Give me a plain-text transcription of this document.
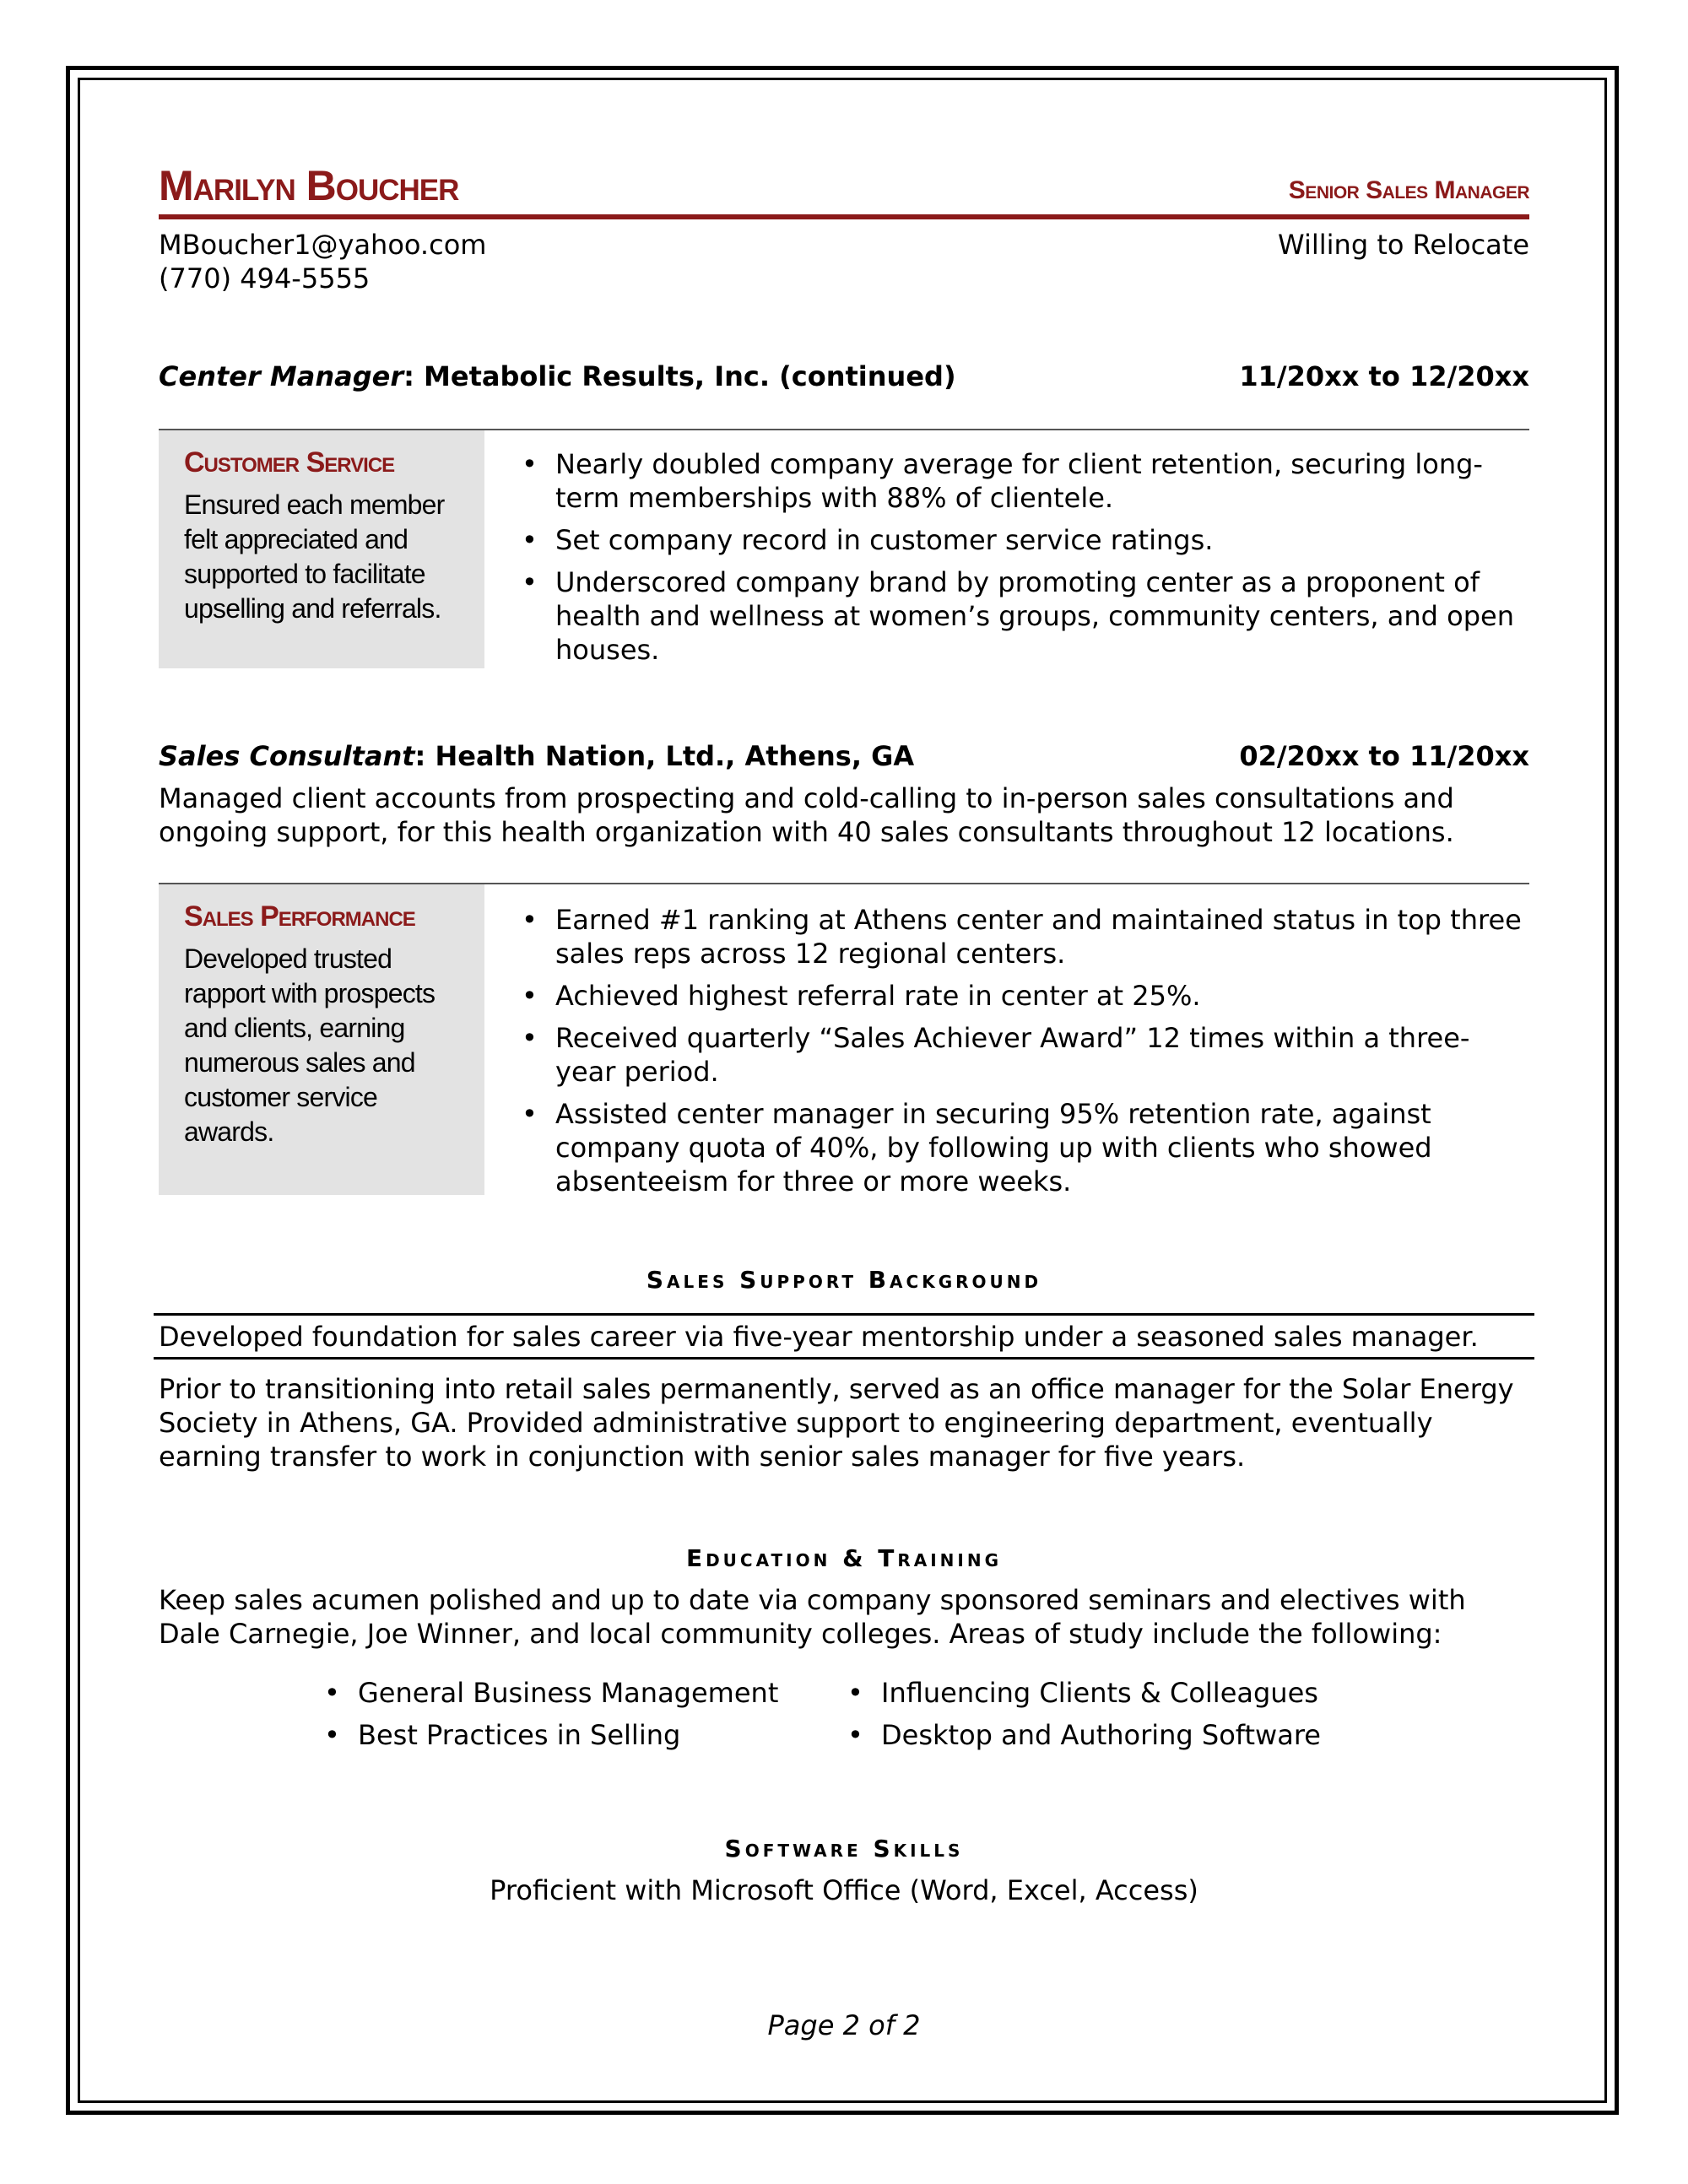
Marilyn Boucher	Senior Sales Manager
MBoucher1@yahoo.com
(770) 494-5555
Willing to Relocate
Center Manager: Metabolic Results, Inc. (continued)	11/20xx to 12/20xx
Customer Service
Ensured each member felt appreciated and supported to facilitate upselling and referrals.
• Nearly doubled company average for client retention, securing long-term memberships with 88% of clientele.
• Set company record in customer service ratings.
• Underscored company brand by promoting center as a proponent of health and wellness at women’s groups, community centers, and open houses.
Sales Consultant: Health Nation, Ltd., Athens, GA	02/20xx to 11/20xx
Managed client accounts from prospecting and cold-calling to in-person sales consultations and ongoing support, for this health organization with 40 sales consultants throughout 12 locations.
Sales Performance
Developed trusted rapport with prospects and clients, earning numerous sales and customer service awards.
• Earned #1 ranking at Athens center and maintained status in top three sales reps across 12 regional centers.
• Achieved highest referral rate in center at 25%.
• Received quarterly “Sales Achiever Award” 12 times within a three-year period.
• Assisted center manager in securing 95% retention rate, against company quota of 40%, by following up with clients who showed absenteeism for three or more weeks.
Sales Support Background
Developed foundation for sales career via five-year mentorship under a seasoned sales manager.
Prior to transitioning into retail sales permanently, served as an office manager for the Solar Energy Society in Athens, GA. Provided administrative support to engineering department, eventually earning transfer to work in conjunction with senior sales manager for five years.
Education & Training
Keep sales acumen polished and up to date via company sponsored seminars and electives with Dale Carnegie, Joe Winner, and local community colleges. Areas of study include the following:
• General Business Management
• Best Practices in Selling
• Influencing Clients & Colleagues
• Desktop and Authoring Software
Software Skills
Proficient with Microsoft Office (Word, Excel, Access)
Page 2 of 2
